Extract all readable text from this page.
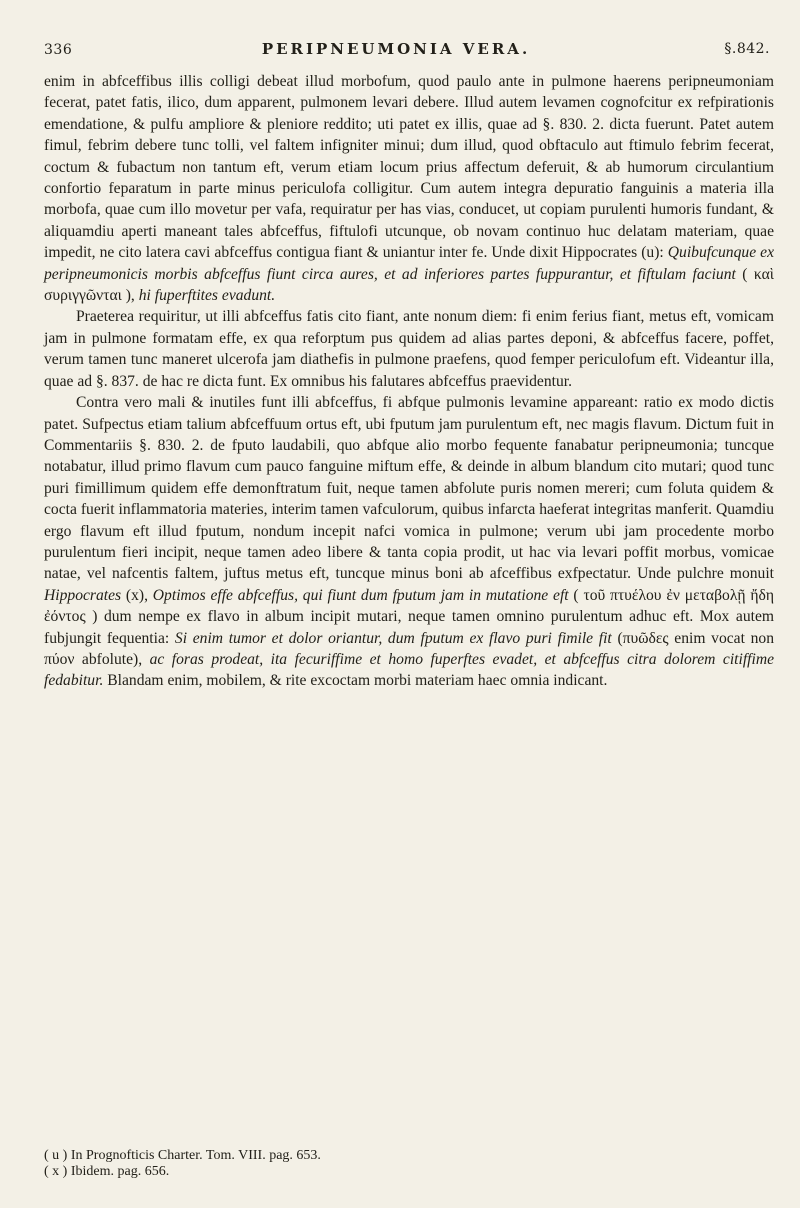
336	PERIPNEUMONIA VERA.	§.842.

enim in abfceffibus illis colligi debeat illud morbofum, quod paulo ante in pulmone haerens peripneumoniam fecerat, patet fatis, ilico, dum apparent, pulmonem levari debere. Illud autem levamen cognofcitur ex refpirationis emendatione, & pulfu ampliore & pleniore reddito; uti patet ex illis, quae ad §. 830. 2. dicta fuerunt. Patet autem fimul, febrim debere tunc tolli, vel faltem infigniter minui; dum illud, quod obftaculo aut ftimulo febrim fecerat, coctum & fubactum non tantum eft, verum etiam locum prius affectum deferuit, & ab humorum circulantium confortio feparatum in parte minus periculofa colligitur. Cum autem integra depuratio fanguinis a materia illa morbofa, quae cum illo movetur per vafa, requiratur per has vias, conducet, ut copiam purulenti humoris fundant, & aliquamdiu aperti maneant tales abfceffus, fiftulofi utcunque, ob novam continuo huc delatam materiam, quae impedit, ne cito latera cavi abfceffus contigua fiant & uniantur inter fe. Unde dixit Hippocrates (u): Quibufcunque ex peripneumonicis morbis abfceffus fiunt circa aures, et ad inferiores partes fuppurantur, et fiftulam faciunt ( καὶ συριγγῶνται ), hi fuperftites evadunt.

Praeterea requiritur, ut illi abfceffus fatis cito fiant, ante nonum diem: fi enim ferius fiant, metus eft, vomicam jam in pulmone formatam effe, ex qua reforptum pus quidem ad alias partes deponi, & abfceffus facere, poffet, verum tamen tunc maneret ulcerofa jam diathefis in pulmone praefens, quod femper periculofum eft. Videantur illa, quae ad §. 837. de hac re dicta funt. Ex omnibus his falutares abfceffus praevidentur.

Contra vero mali & inutiles funt illi abfceffus, fi abfque pulmonis levamine appareant: ratio ex modo dictis patet. Sufpectus etiam talium abfceffuum ortus eft, ubi fputum jam purulentum eft, nec magis flavum. Dictum fuit in Commentariis §. 830. 2. de fputo laudabili, quo abfque alio morbo fequente fanabatur peripneumonia; tuncque notabatur, illud primo flavum cum pauco fanguine miftum effe, & deinde in album blandum cito mutari; quod tunc puri fimillimum quidem effe demonftratum fuit, neque tamen abfolute puris nomen mereri; cum foluta quidem & cocta fuerit inflammatoria materies, interim tamen vafculorum, quibus infarcta haeferat integritas manferit. Quamdiu ergo flavum eft illud fputum, nondum incepit nafci vomica in pulmone; verum ubi jam procedente morbo purulentum fieri incipit, neque tamen adeo libere & tanta copia prodit, ut hac via levari poffit morbus, vomicae natae, vel nafcentis faltem, juftus metus eft, tuncque minus boni ab afceffibus exfpectatur. Unde pulchre monuit Hippocrates (x), Optimos effe abfceffus, qui fiunt dum fputum jam in mutatione eft ( τοῦ πτυέλου ἐν μεταβολῇ ἤδη ἐόντος ) dum nempe ex flavo in album incipit mutari, neque tamen omnino purulentum adhuc eft. Mox autem fubjungit fequentia: Si enim tumor et dolor oriantur, dum fputum ex flavo puri fimile fit (πυῶδες enim vocat non πύον abfolute), ac foras prodeat, ita fecuriffime et homo fuperftes evadet, et abfceffus citra dolorem citiffime fedabitur. Blandam enim, mobilem, & rite excoctam morbi materiam haec omnia indicant.

( u ) In Prognofticis Charter. Tom. VIII. pag. 653.
( x ) Ibidem. pag. 656.
